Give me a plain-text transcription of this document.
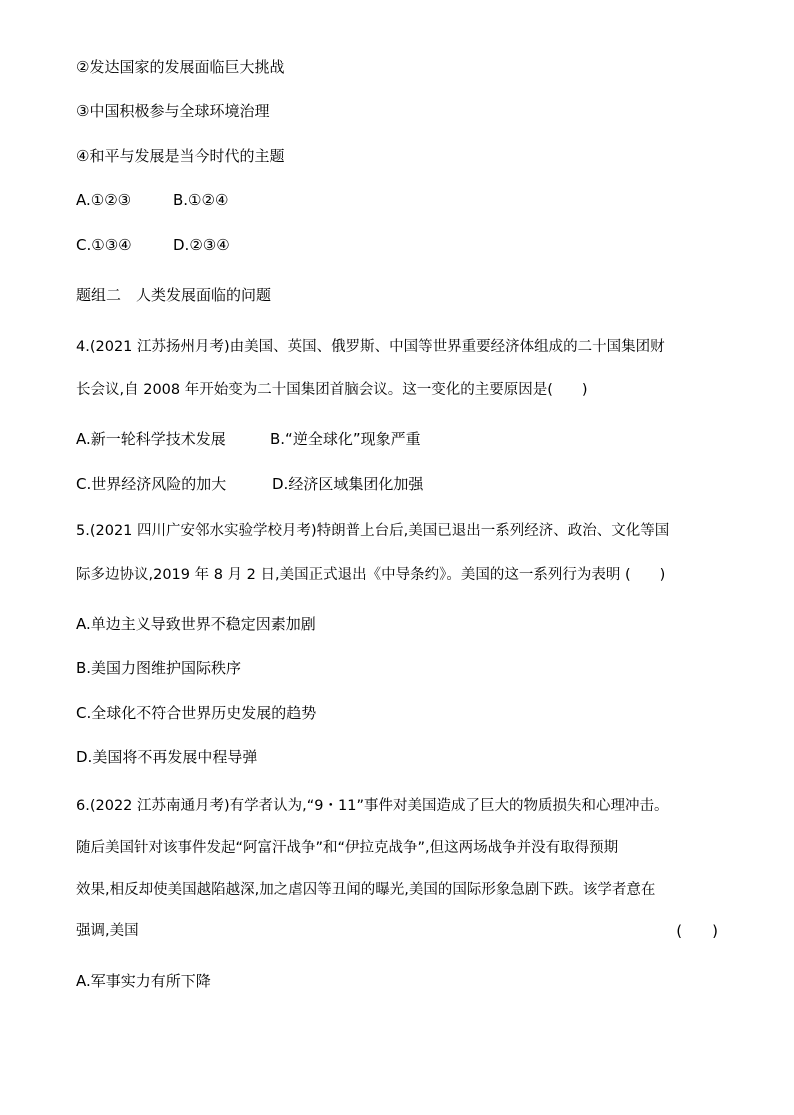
②发达国家的发展面临巨大挑战
③中国积极参与全球环境治理
④和平与发展是当今时代的主题
A.①②③	B.①②④
C.①③④	D.②③④
题组二　人类发展面临的问题
4.(2021 江苏扬州月考)由美国、英国、俄罗斯、中国等世界重要经济体组成的二十国集团财
长会议,自 2008 年开始变为二十国集团首脑会议。这一变化的主要原因是(　　)
A.新一轮科学技术发展	B.“逆全球化”现象严重
C.世界经济风险的加大	D.经济区域集团化加强
5.(2021 四川广安邻水实验学校月考)特朗普上台后,美国已退出一系列经济、政治、文化等国
际多边协议,2019 年 8 月 2 日,美国正式退出《中导条约》。美国的这一系列行为表明 (　　)
A.单边主义导致世界不稳定因素加剧
B.美国力图维护国际秩序
C.全球化不符合世界历史发展的趋势
D.美国将不再发展中程导弹
6.(2022 江苏南通月考)有学者认为,“9・11”事件对美国造成了巨大的物质损失和心理冲击。
随后美国针对该事件发起“阿富汗战争”和“伊拉克战争”,但这两场战争并没有取得预期
效果,相反却使美国越陷越深,加之虐囚等丑闻的曝光,美国的国际形象急剧下跌。该学者意在
强调,美国	(　　)
A.军事实力有所下降
